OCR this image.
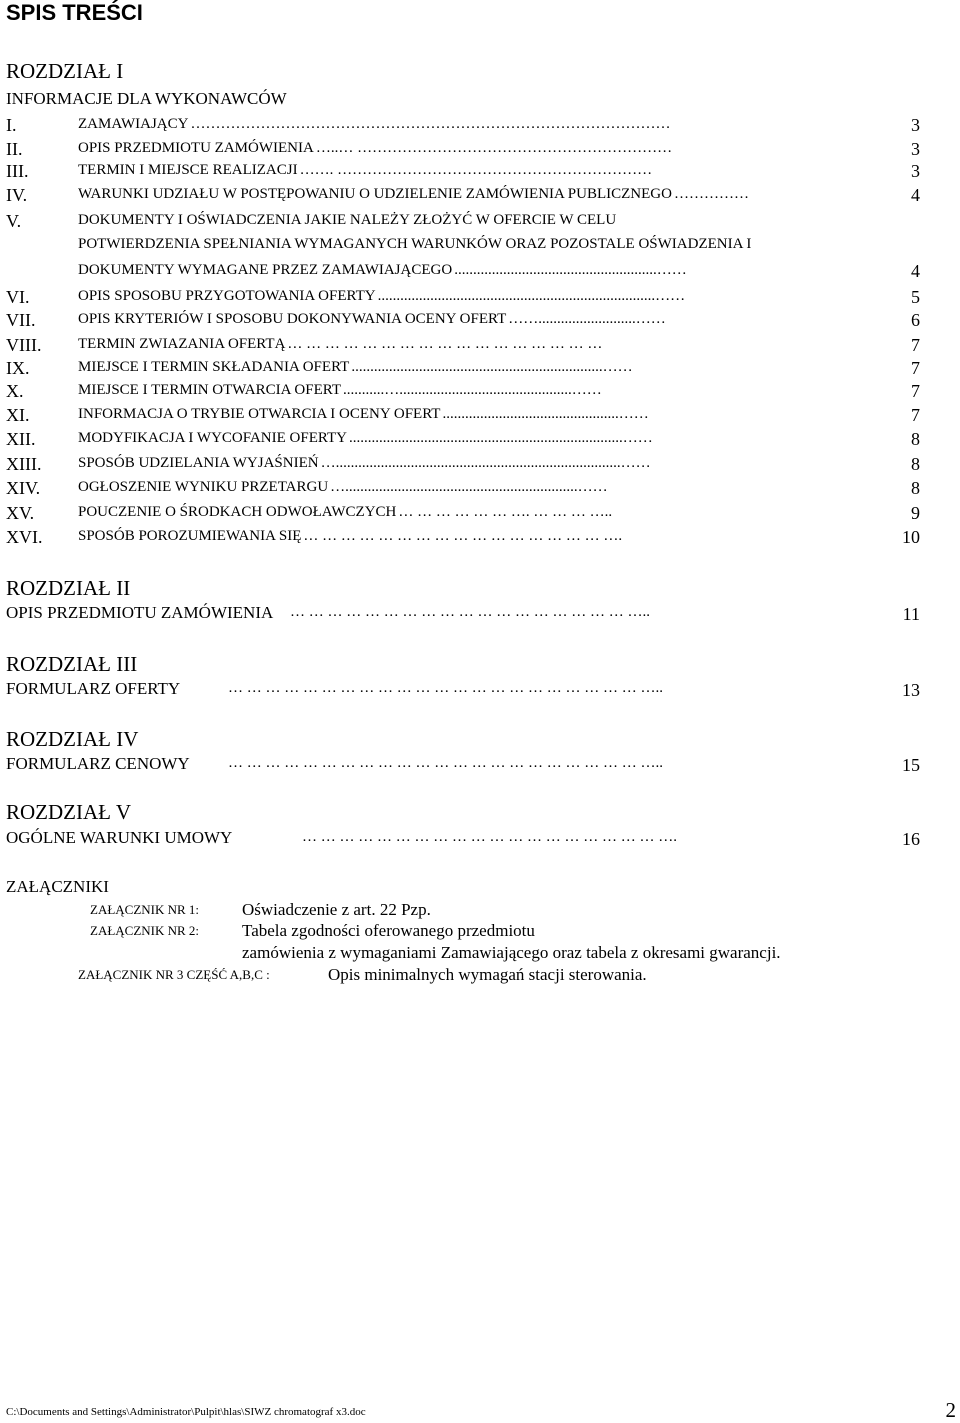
SPIS TREŚCI
ROZDZIAŁ I
INFORMACJE DLA WYKONAWCÓW
I.	ZAMAWIAJĄCY ……………………………………………………………………………………	3
II.	OPIS PRZEDMIOTU ZAMÓWIENIA …..… ………………………………………………………	3
III.	TERMIN I MIEJSCE REALIZACJI ……. ………………………………………………………	3
IV.	WARUNKI UDZIAŁU W POSTĘPOWANIU O UDZIELENIE ZAMÓWIENIA PUBLICZNEGO ……………	4
V.	DOKUMENTY I OŚWIADCZENIA JAKIE NALEŻY ZŁOŻYĆ W OFERCIE W CELU
POTWIERDZENIA SPEŁNIANIA WYMAGANYCH WARUNKÓW ORAZ POZOSTALE OŚWIADZENIA I
DOKUMENTY WYMAGANE PRZEZ ZAMAWIAJĄCEGO ......................................................……	4
VI.	OPIS SPOSOBU PRZYGOTOWANIA OFERTY ..........................................................................……	5
VII.	OPIS KRYTERIÓW I SPOSOBU DOKONYWANIA OCENY OFERT ……..........................……	6
VIII. TERMIN ZWIAZANIA OFERTĄ … … … … … … … … … … … … … … … … …	7
IX.	MIEJSCE I TERMIN SKŁADANIA OFERT ...................................................................……	7
X.	MIEJSCE I TERMIN OTWARCIA OFERT ...........…..............................................……	7
XI.	INFORMACJA O TRYBIE OTWARCIA I OCENY OFERT ...............................................……	7
XII.	MODYFIKACJA I WYCOFANIE OFERTY .........................................................................……	8
XIII. SPOSÓB UDZIELANIA WYJAŚNIEŃ …............................................................................……	8
XIV.	OGŁOSZENIE WYNIKU PRZETARGU …..............................................................……	8
XV.	POUCZENIE O ŚRODKACH ODWOŁAWCZYCH … … … … … … …. … … … …..	9
XVI. SPOSÓB POROZUMIEWANIA SIĘ … … … … … … … … … … … … … … … … ….	10
ROZDZIAŁ II
OPIS PRZEDMIOTU ZAMÓWIENIA … … … … … … … … … … … … … … … … … … …..	11
ROZDZIAŁ III
FORMULARZ OFERTY	… … … … … … … … … … … … … … … … … … … … … … …..	13
ROZDZIAŁ IV
FORMULARZ CENOWY	… … … … … … … … … … … … … … … … … … … … … … …..	15
ROZDZIAŁ V
OGÓLNE WARUNKI UMOWY	… … … … … … … … … … … … … … … … … … … ….	16
ZAŁĄCZNIKI
ZAŁĄCZNIK NR 1:	Oświadczenie z art. 22 Pzp.
ZAŁĄCZNIK NR 2:	Tabela zgodności oferowanego przedmiotu
zamówienia z wymaganiami Zamawiającego oraz tabela z okresami gwarancji.
ZAŁĄCZNIK NR 3 CZĘŚĆ A,B,C :	Opis minimalnych wymagań stacji sterowania.
C:\Documents and Settings\Administrator\Pulpit\hlas\SIWZ chromatograf x3.doc	2
